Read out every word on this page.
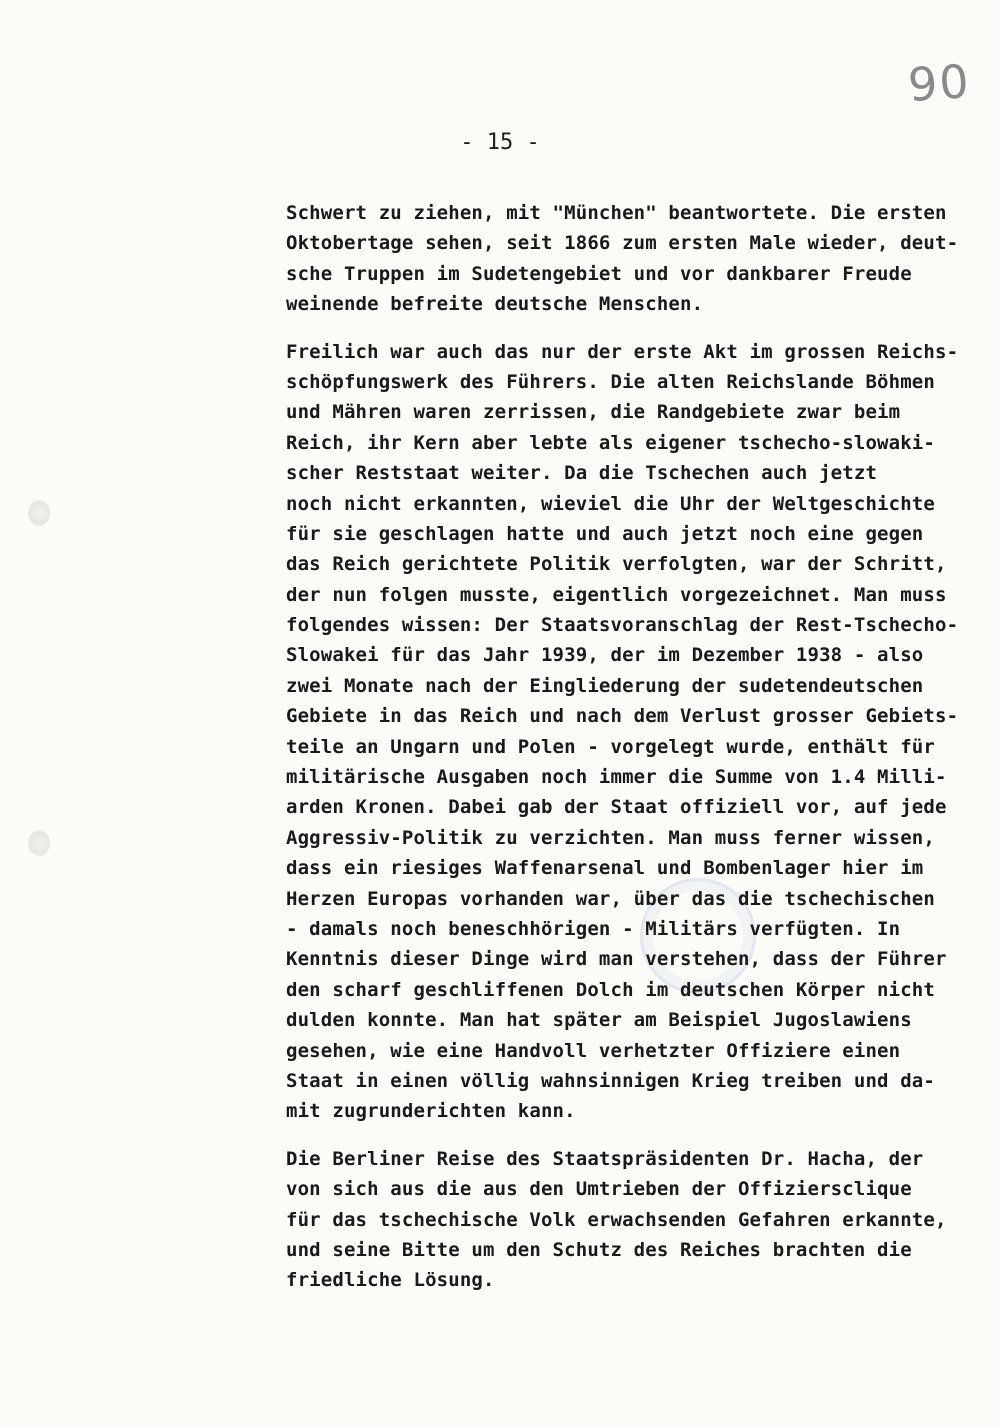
90
- 15 -
Schwert zu ziehen, mit "München" beantwortete. Die ersten
Oktobertage sehen, seit 1866 zum ersten Male wieder, deut-
sche Truppen im Sudetengebiet und vor dankbarer Freude
weinende befreite deutsche Menschen.
Freilich war auch das nur der erste Akt im grossen Reichs-
schöpfungswerk des Führers. Die alten Reichslande Böhmen
und Mähren waren zerrissen, die Randgebiete zwar beim
Reich, ihr Kern aber lebte als eigener tschecho-slowaki-
scher Reststaat weiter. Da die Tschechen auch jetzt
noch nicht erkannten, wieviel die Uhr der Weltgeschichte
für sie geschlagen hatte und auch jetzt noch eine gegen
das Reich gerichtete Politik verfolgten, war der Schritt,
der nun folgen musste, eigentlich vorgezeichnet. Man muss
folgendes wissen: Der Staatsvoranschlag der Rest-Tschecho-
Slowakei für das Jahr 1939, der im Dezember 1938 - also
zwei Monate nach der Eingliederung der sudetendeutschen
Gebiete in das Reich und nach dem Verlust grosser Gebiets-
teile an Ungarn und Polen - vorgelegt wurde, enthält für
militärische Ausgaben noch immer die Summe von 1.4 Milli-
arden Kronen. Dabei gab der Staat offiziell vor, auf jede
Aggressiv-Politik zu verzichten. Man muss ferner wissen,
dass ein riesiges Waffenarsenal und Bombenlager hier im
Herzen Europas vorhanden war, über das die tschechischen
- damals noch beneschhörigen - Militärs verfügten. In
Kenntnis dieser Dinge wird man verstehen, dass der Führer
den scharf geschliffenen Dolch im deutschen Körper nicht
dulden konnte. Man hat später am Beispiel Jugoslawiens
gesehen, wie eine Handvoll verhetzter Offiziere einen
Staat in einen völlig wahnsinnigen Krieg treiben und da-
mit zugrunderichten kann.
Die Berliner Reise des Staatspräsidenten Dr. Hacha, der
von sich aus die aus den Umtrieben der Offiziersclique
für das tschechische Volk erwachsenden Gefahren erkannte,
und seine Bitte um den Schutz des Reiches brachten die
friedliche Lösung.
